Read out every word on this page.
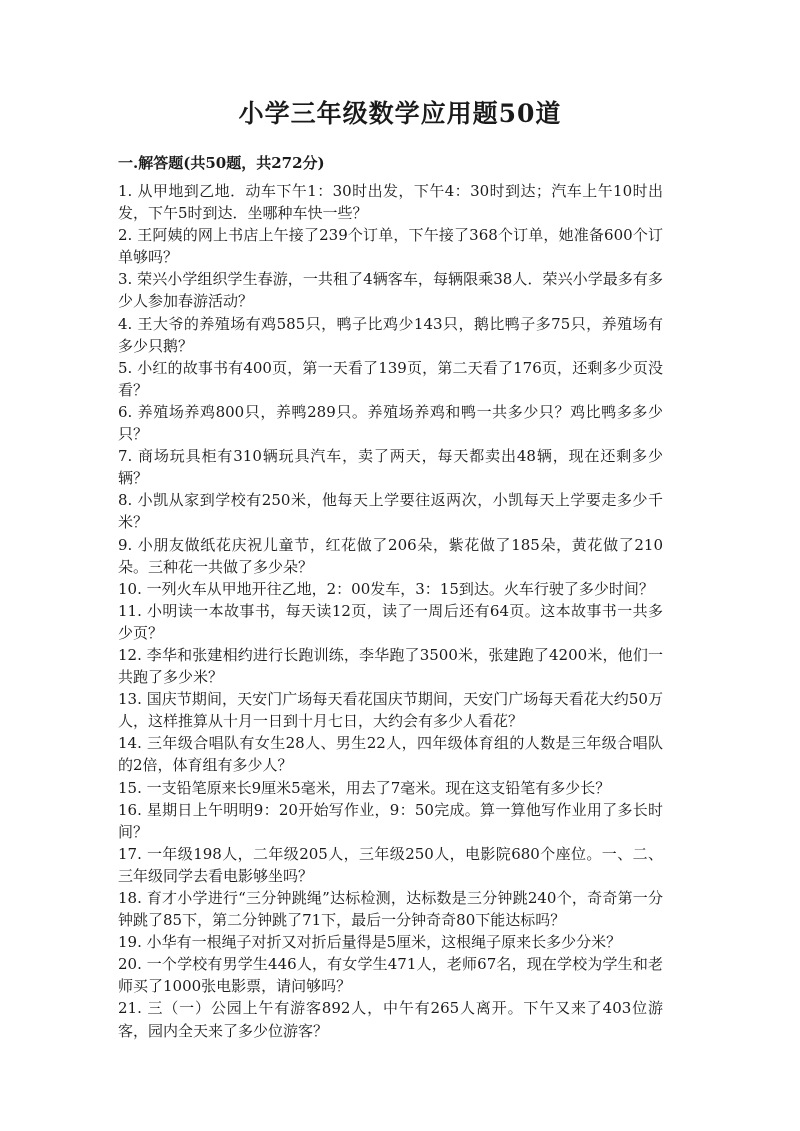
小学三年级数学应用题50道
一.解答题(共50题，共272分)

1. 从甲地到乙地．动车下午1：30时出发，下午4：30时到达；汽车上午10时出发，下午5时到达．坐哪种车快一些？

2. 王阿姨的网上书店上午接了239个订单，下午接了368个订单，她准备600个订单够吗？

3. 荣兴小学组织学生春游，一共租了4辆客车，每辆限乘38人．荣兴小学最多有多少人参加春游活动？

4. 王大爷的养殖场有鸡585只，鸭子比鸡少143只，鹅比鸭子多75只，养殖场有多少只鹅？

5. 小红的故事书有400页，第一天看了139页，第二天看了176页，还剩多少页没看？

6. 养殖场养鸡800只，养鸭289只。养殖场养鸡和鸭一共多少只？鸡比鸭多多少只？

7. 商场玩具柜有310辆玩具汽车，卖了两天，每天都卖出48辆，现在还剩多少辆？

8. 小凯从家到学校有250米，他每天上学要往返两次，小凯每天上学要走多少千米？

9. 小朋友做纸花庆祝儿童节，红花做了206朵，紫花做了185朵，黄花做了210朵。三种花一共做了多少朵？

10. 一列火车从甲地开往乙地，2：00发车，3：15到达。火车行驶了多少时间？

11. 小明读一本故事书，每天读12页，读了一周后还有64页。这本故事书一共多少页？

12. 李华和张建相约进行长跑训练，李华跑了3500米，张建跑了4200米，他们一共跑了多少米？

13. 国庆节期间，天安门广场每天看花国庆节期间，天安门广场每天看花大约50万人，这样推算从十月一日到十月七日，大约会有多少人看花？

14. 三年级合唱队有女生28人、男生22人，四年级体育组的人数是三年级合唱队的2倍，体育组有多少人？

15. 一支铅笔原来长9厘米5毫米，用去了7毫米。现在这支铅笔有多少长？

16. 星期日上午明明9：20开始写作业，9：50完成。算一算他写作业用了多长时间？

17. 一年级198人，二年级205人，三年级250人，电影院680个座位。一、二、三年级同学去看电影够坐吗？

18. 育才小学进行“三分钟跳绳”达标检测，达标数是三分钟跳240个，奇奇第一分钟跳了85下，第二分钟跳了71下，最后一分钟奇奇80下能达标吗？

19. 小华有一根绳子对折又对折后量得是5厘米，这根绳子原来长多少分米？

20. 一个学校有男学生446人，有女学生471人，老师67名，现在学校为学生和老师买了1000张电影票，请问够吗？

21. 三（一）公园上午有游客892人，中午有265人离开。下午又来了403位游客，园内全天来了多少位游客？
